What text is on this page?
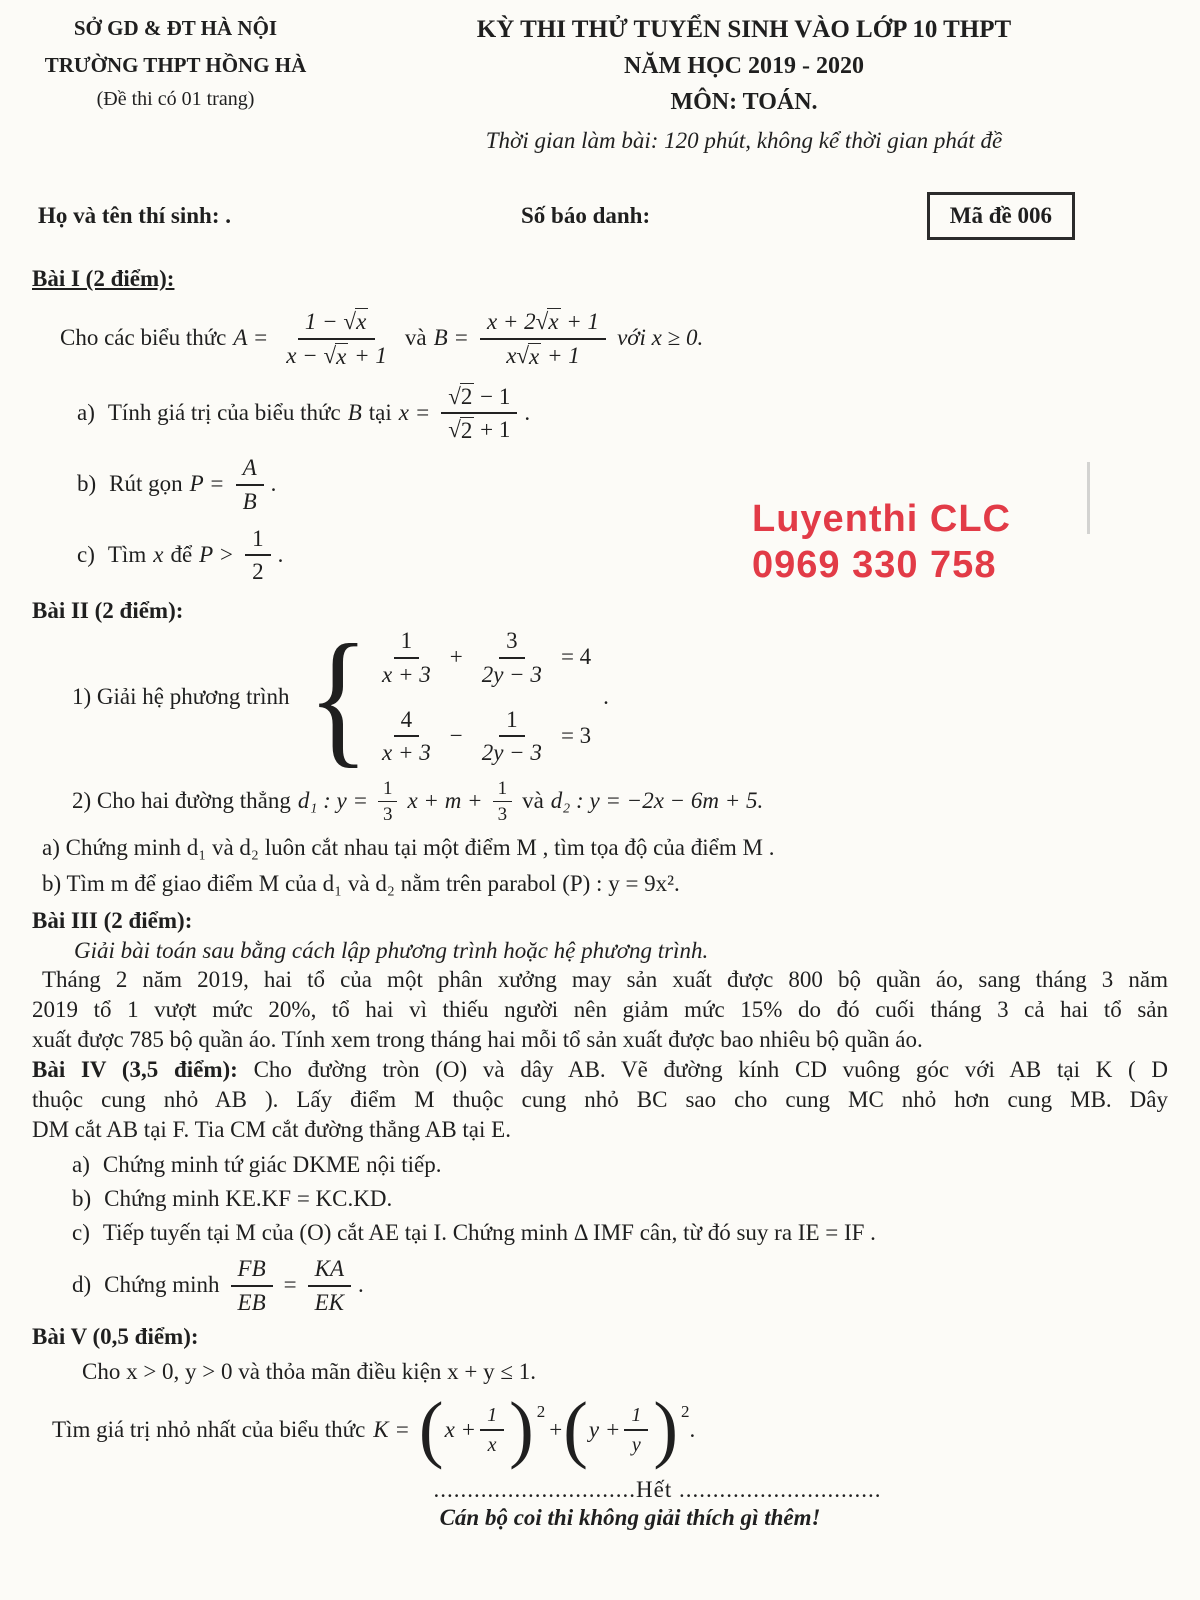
SỞ GD & ĐT HÀ NỘI
TRƯỜNG THPT HỒNG HÀ
(Đề thi có 01 trang)
KỲ THI THỬ TUYỂN SINH VÀO LỚP 10 THPT
NĂM HỌC 2019 - 2020
MÔN: TOÁN.
Thời gian làm bài: 120 phút, không kể thời gian phát đề
Họ và tên thí sinh: .	Số báo danh:	Mã đề 006
Bài I (2 điểm):
Cho các biểu thức $A = \frac{1 - √ x}{x - √ x + 1}$ và $B = \frac{x + 2√ x + 1}{x√ x + 1}$ với x ≥ 0.
a) Tính giá trị của biểu thức B tại $x = \frac{√ 2 - 1}{√ 2 + 1}$ .
b) Rút gọn $P = \frac{A}{B}$ .
c) Tìm x để $P > \frac{1}{2}$ .
Bài II (2 điểm):
1) Giải hệ phương trình { $\frac{1}{x + 3} + \frac{3}{2y - 3} = 4$
$\frac{4}{x + 3} - \frac{1}{2y - 3} = 3$
.
2) Cho hai đường thẳng d₁ : $y = \frac{1}{3}$ $x + m + \frac{1}{3}$ và d₂ : y = −2x − 6m + 5.
a) Chứng minh d₁ và d₂ luôn cắt nhau tại một điểm M , tìm tọa độ của điểm M .
b) Tìm m để giao điểm M của d₁ và d₂ nằm trên parabol (P) : y = 9x².
Bài III (2 điểm):
Giải bài toán sau bằng cách lập phương trình hoặc hệ phương trình.
Tháng 2 năm 2019, hai tổ của một phân xưởng may sản xuất được 800 bộ quần áo, sang tháng 3 năm
2019 tổ 1 vượt mức 20%, tổ hai vì thiếu người nên giảm mức 15% do đó cuối tháng 3 cả hai tổ sản
xuất được 785 bộ quần áo. Tính xem trong tháng hai mỗi tổ sản xuất được bao nhiêu bộ quần áo.
Bài IV (3,5 điểm): Cho đường tròn (O) và dây AB. Vẽ đường kính CD vuông góc với AB tại K ( D
thuộc cung nhỏ AB ). Lấy điểm M thuộc cung nhỏ BC sao cho cung MC nhỏ hơn cung MB. Dây
DM cắt AB tại F. Tia CM cắt đường thẳng AB tại E.
a) Chứng minh tứ giác DKME nội tiếp.
b) Chứng minh KE.KF = KC.KD.
c) Tiếp tuyến tại M của (O) cắt AE tại I. Chứng minh Δ IMF cân, từ đó suy ra IE = IF .
d) Chứng minh $\frac{FB}{EB} = \frac{KA}{EK}$ .
Bài V (0,5 điểm):
Cho x > 0, y > 0 và thỏa mãn điều kiện x + y ≤ 1.
Tìm giá trị nhỏ nhất của biểu thức K = ( $x + \frac{1}{x}$ ) 2
+ ( $y + \frac{1}{y}$ ) 2
.
..............................Hết ..............................
Cán bộ coi thi không giải thích gì thêm!
Luyenthi CLC
0969 330 758
